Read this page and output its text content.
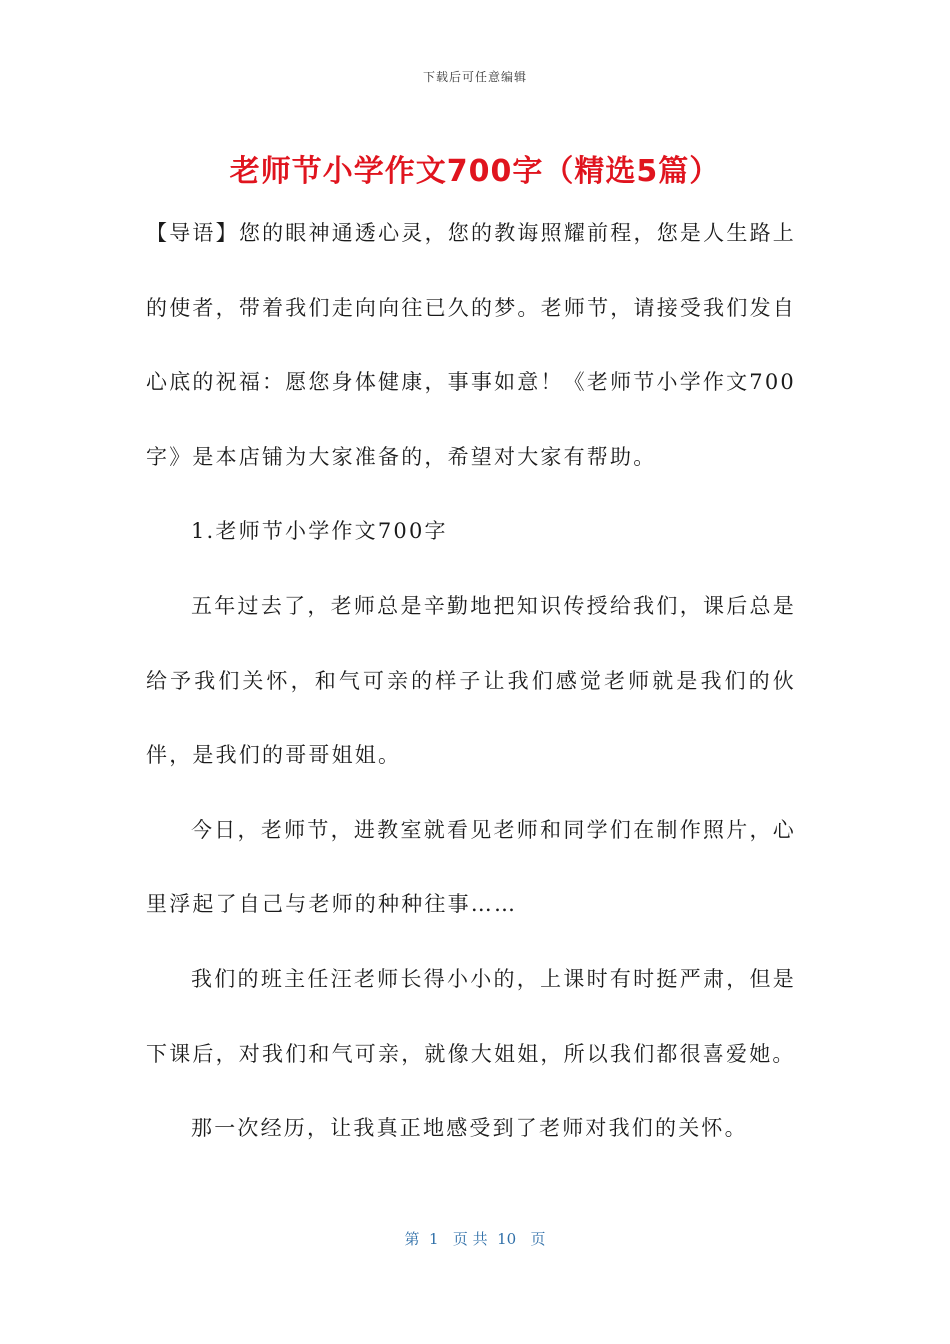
下载后可任意编辑
老师节小学作文700字（精选5篇）

【导语】您的眼神通透心灵，您的教诲照耀前程，您是人生路上的使者，带着我们走向向往已久的梦。老师节，请接受我们发自心底的祝福：愿您身体健康，事事如意！《老师节小学作文700字》是本店铺为大家准备的，希望对大家有帮助。

1.老师节小学作文700字

五年过去了，老师总是辛勤地把知识传授给我们，课后总是给予我们关怀，和气可亲的样子让我们感觉老师就是我们的伙伴，是我们的哥哥姐姐。

今日，老师节，进教室就看见老师和同学们在制作照片，心里浮起了自己与老师的种种往事……

我们的班主任汪老师长得小小的，上课时有时挺严肃，但是下课后，对我们和气可亲，就像大姐姐，所以我们都很喜爱她。

那一次经历，让我真正地感受到了老师对我们的关怀。

第  1   页 共  10   页
